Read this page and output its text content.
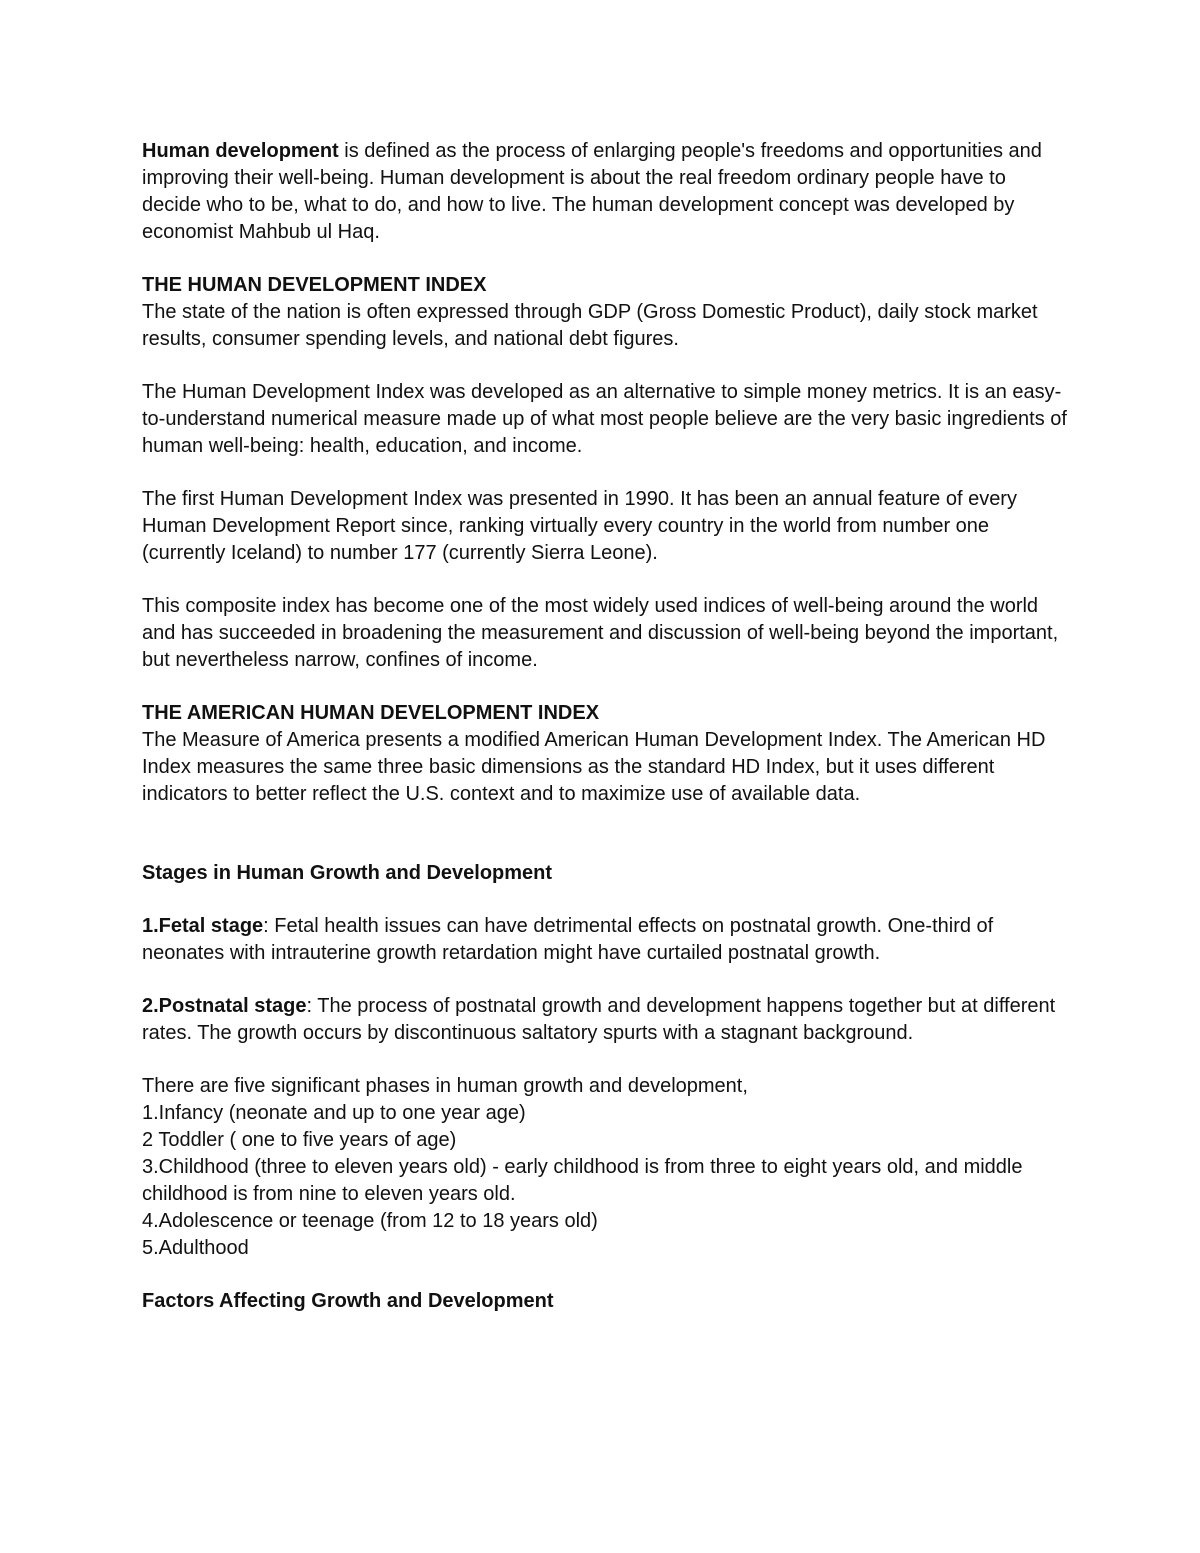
Human development is defined as the process of enlarging people's freedoms and opportunities and improving their well-being. Human development is about the real freedom ordinary people have to decide who to be, what to do, and how to live. The human development concept was developed by economist Mahbub ul Haq.

THE HUMAN DEVELOPMENT INDEX

The state of the nation is often expressed through GDP (Gross Domestic Product), daily stock market results, consumer spending levels, and national debt figures.

The Human Development Index was developed as an alternative to simple money metrics. It is an easy-to-understand numerical measure made up of what most people believe are the very basic ingredients of human well-being: health, education, and income.

The first Human Development Index was presented in 1990. It has been an annual feature of every Human Development Report since, ranking virtually every country in the world from number one (currently Iceland) to number 177 (currently Sierra Leone).

This composite index has become one of the most widely used indices of well-being around the world and has succeeded in broadening the measurement and discussion of well-being beyond the important, but nevertheless narrow, confines of income.

THE AMERICAN HUMAN DEVELOPMENT INDEX

The Measure of America presents a modified American Human Development Index. The American HD Index measures the same three basic dimensions as the standard HD Index, but it uses different indicators to better reflect the U.S. context and to maximize use of available data.

Stages in Human Growth and Development

1.Fetal stage: Fetal health issues can have detrimental effects on postnatal growth. One-third of neonates with intrauterine growth retardation might have curtailed postnatal growth.

2.Postnatal stage: The process of postnatal growth and development happens together but at different rates. The growth occurs by discontinuous saltatory spurts with a stagnant background.

There are five significant phases in human growth and development,

1.Infancy (neonate and up to one year age)

2 Toddler ( one to five years of age)

3.Childhood (three to eleven years old) - early childhood is from three to eight years old, and middle childhood is from nine to eleven years old.

4.Adolescence or teenage (from 12 to 18 years old)

5.Adulthood

Factors Affecting Growth and Development
